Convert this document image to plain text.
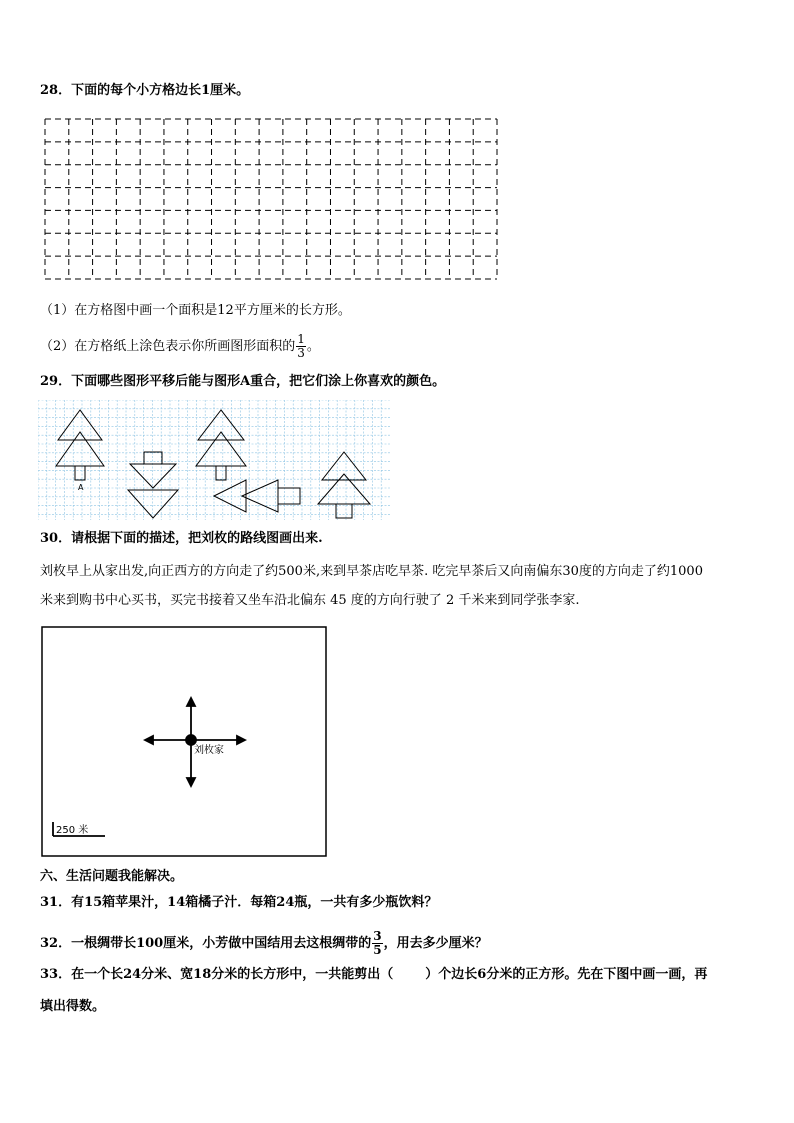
28．下面的每个小方格边长1厘米。
（1）在方格图中画一个面积是12平方厘米的长方形。
（2）在方格纸上涂色表示你所画图形面积的 $\frac{1}{3}$ 。
29．下面哪些图形平移后能与图形A重合，把它们涂上你喜欢的颜色。
A
30．请根据下面的描述，把刘枚的路线图画出来.
刘枚早上从家出发,向正西方的方向走了约500米,来到早茶店吃早茶. 吃完早茶后又向南偏东30度的方向走了约1000
米来到购书中心买书，买完书接着又坐车沿北偏东 45 度的方向行驶了 2 千米来到同学张李家.
刘枚家
250 米
六、生活问题我能解决。
31．有15箱苹果汁，14箱橘子汁．每箱24瓶，一共有多少瓶饮料？
32．一根绸带长100厘米，小芳做中国结用去这根绸带的 $\frac{3}{5}$ ，用去多少厘米？
33．在一个长24分米、宽18分米的长方形中，一共能剪出（ ）个边长6分米的正方形。先在下图中画一画，再
填出得数。
